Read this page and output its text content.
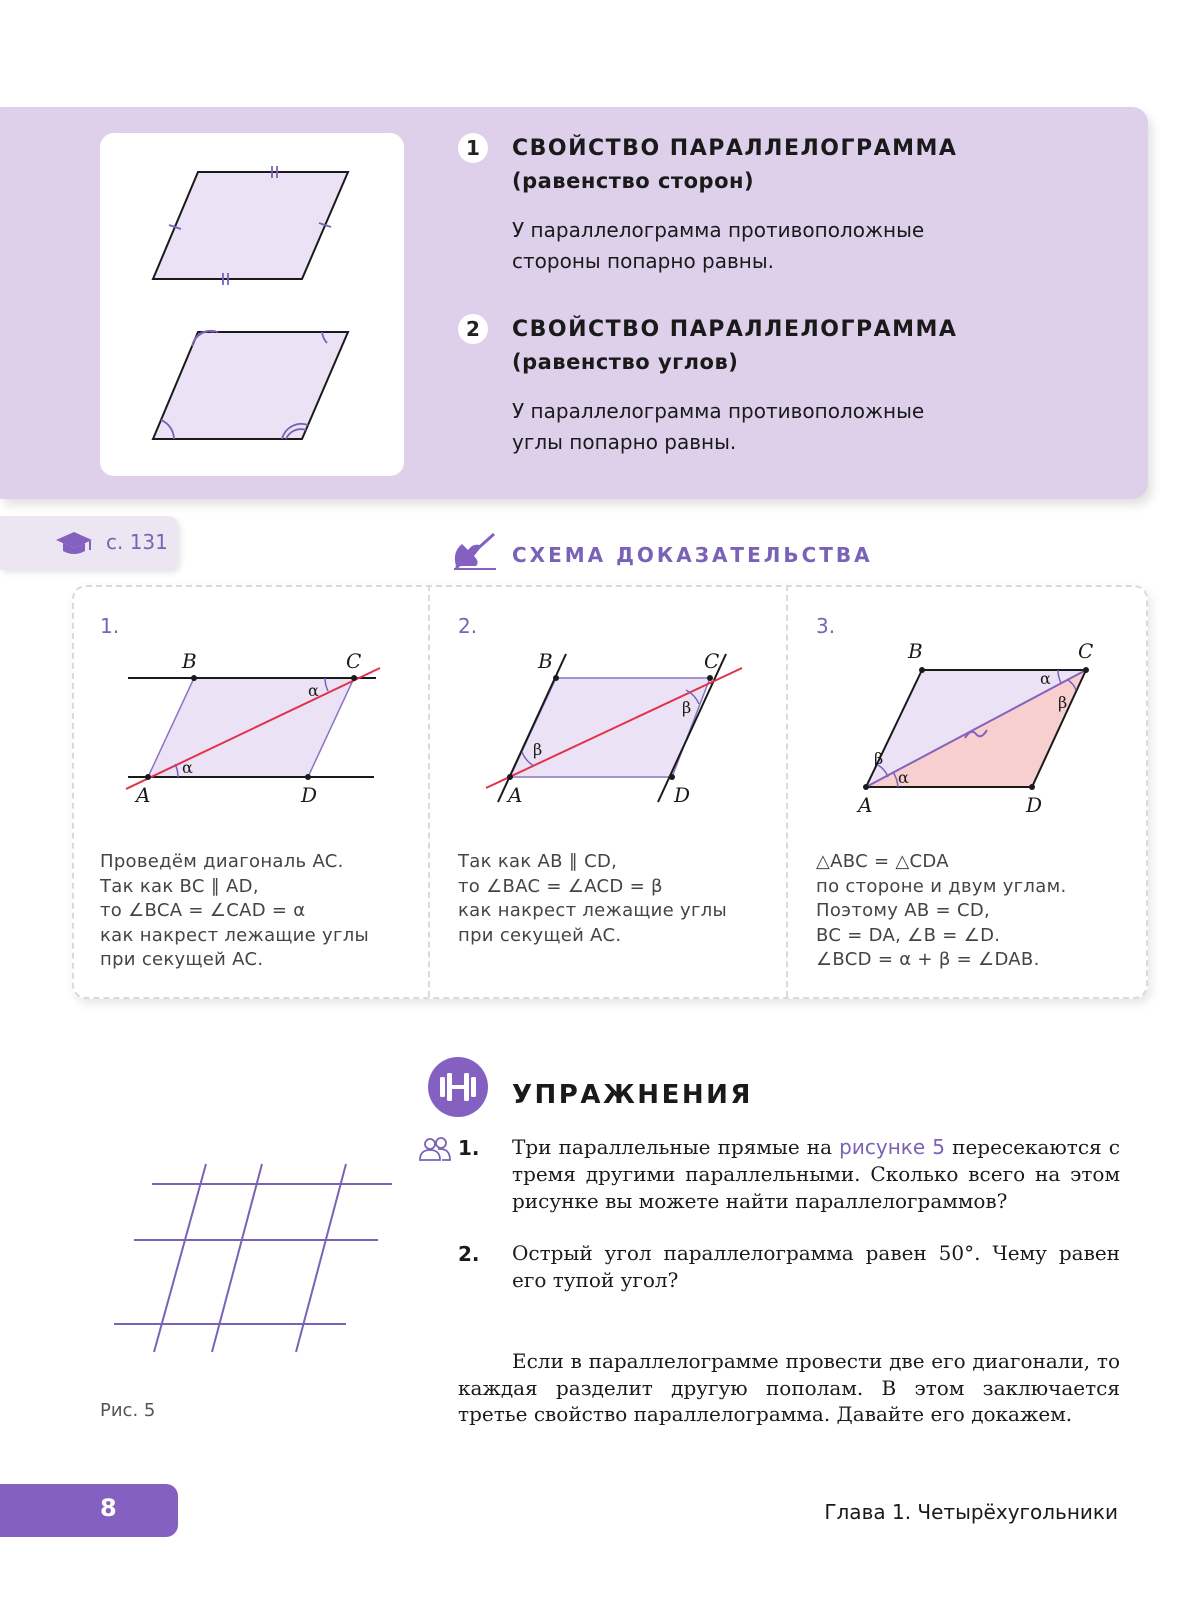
1	СВОЙСТВО ПАРАЛЛЕЛОГРАММА
(равенство сторон)
У параллелограмма противоположные
стороны попарно равны.
2	СВОЙСТВО ПАРАЛЛЕЛОГРАММА
(равенство углов)
У параллелограмма противоположные
углы попарно равны.
с. 131
СХЕМА ДОКАЗАТЕЛЬСТВА
1.
A	D
B	C
α
α
Проведём диагональ AC.
Так как BC ∥ AD,
то ∠BCA = ∠CAD = α
как накрест лежащие углы
при секущей AC.
2.
A	D
B	C
β
β
Так как AB ∥ CD,
то ∠BAC = ∠ACD = β
как накрест лежащие углы
при секущей AC.
3.
A	D
B	C
α
β
α
β
△ABC = △CDA
по стороне и двум углам.
Поэтому AB = CD,
BC = DA, ∠B = ∠D.
∠BCD = α + β = ∠DAB.
УПРАЖНЕНИЯ
1. Три параллельные прямые на рисунке 5 пересекаются с тремя другими параллельными. Сколько всего на этом рисунке вы можете найти параллелограммов?
2. Острый угол параллелограмма равен 50°. Чему равен его тупой угол?
Если в параллелограмме провести две его диагонали, то каждая разделит другую пополам. В этом заключается третье свойство параллелограмма. Давайте его докажем.
Рис. 5
8	Глава 1. Четырёхугольники
